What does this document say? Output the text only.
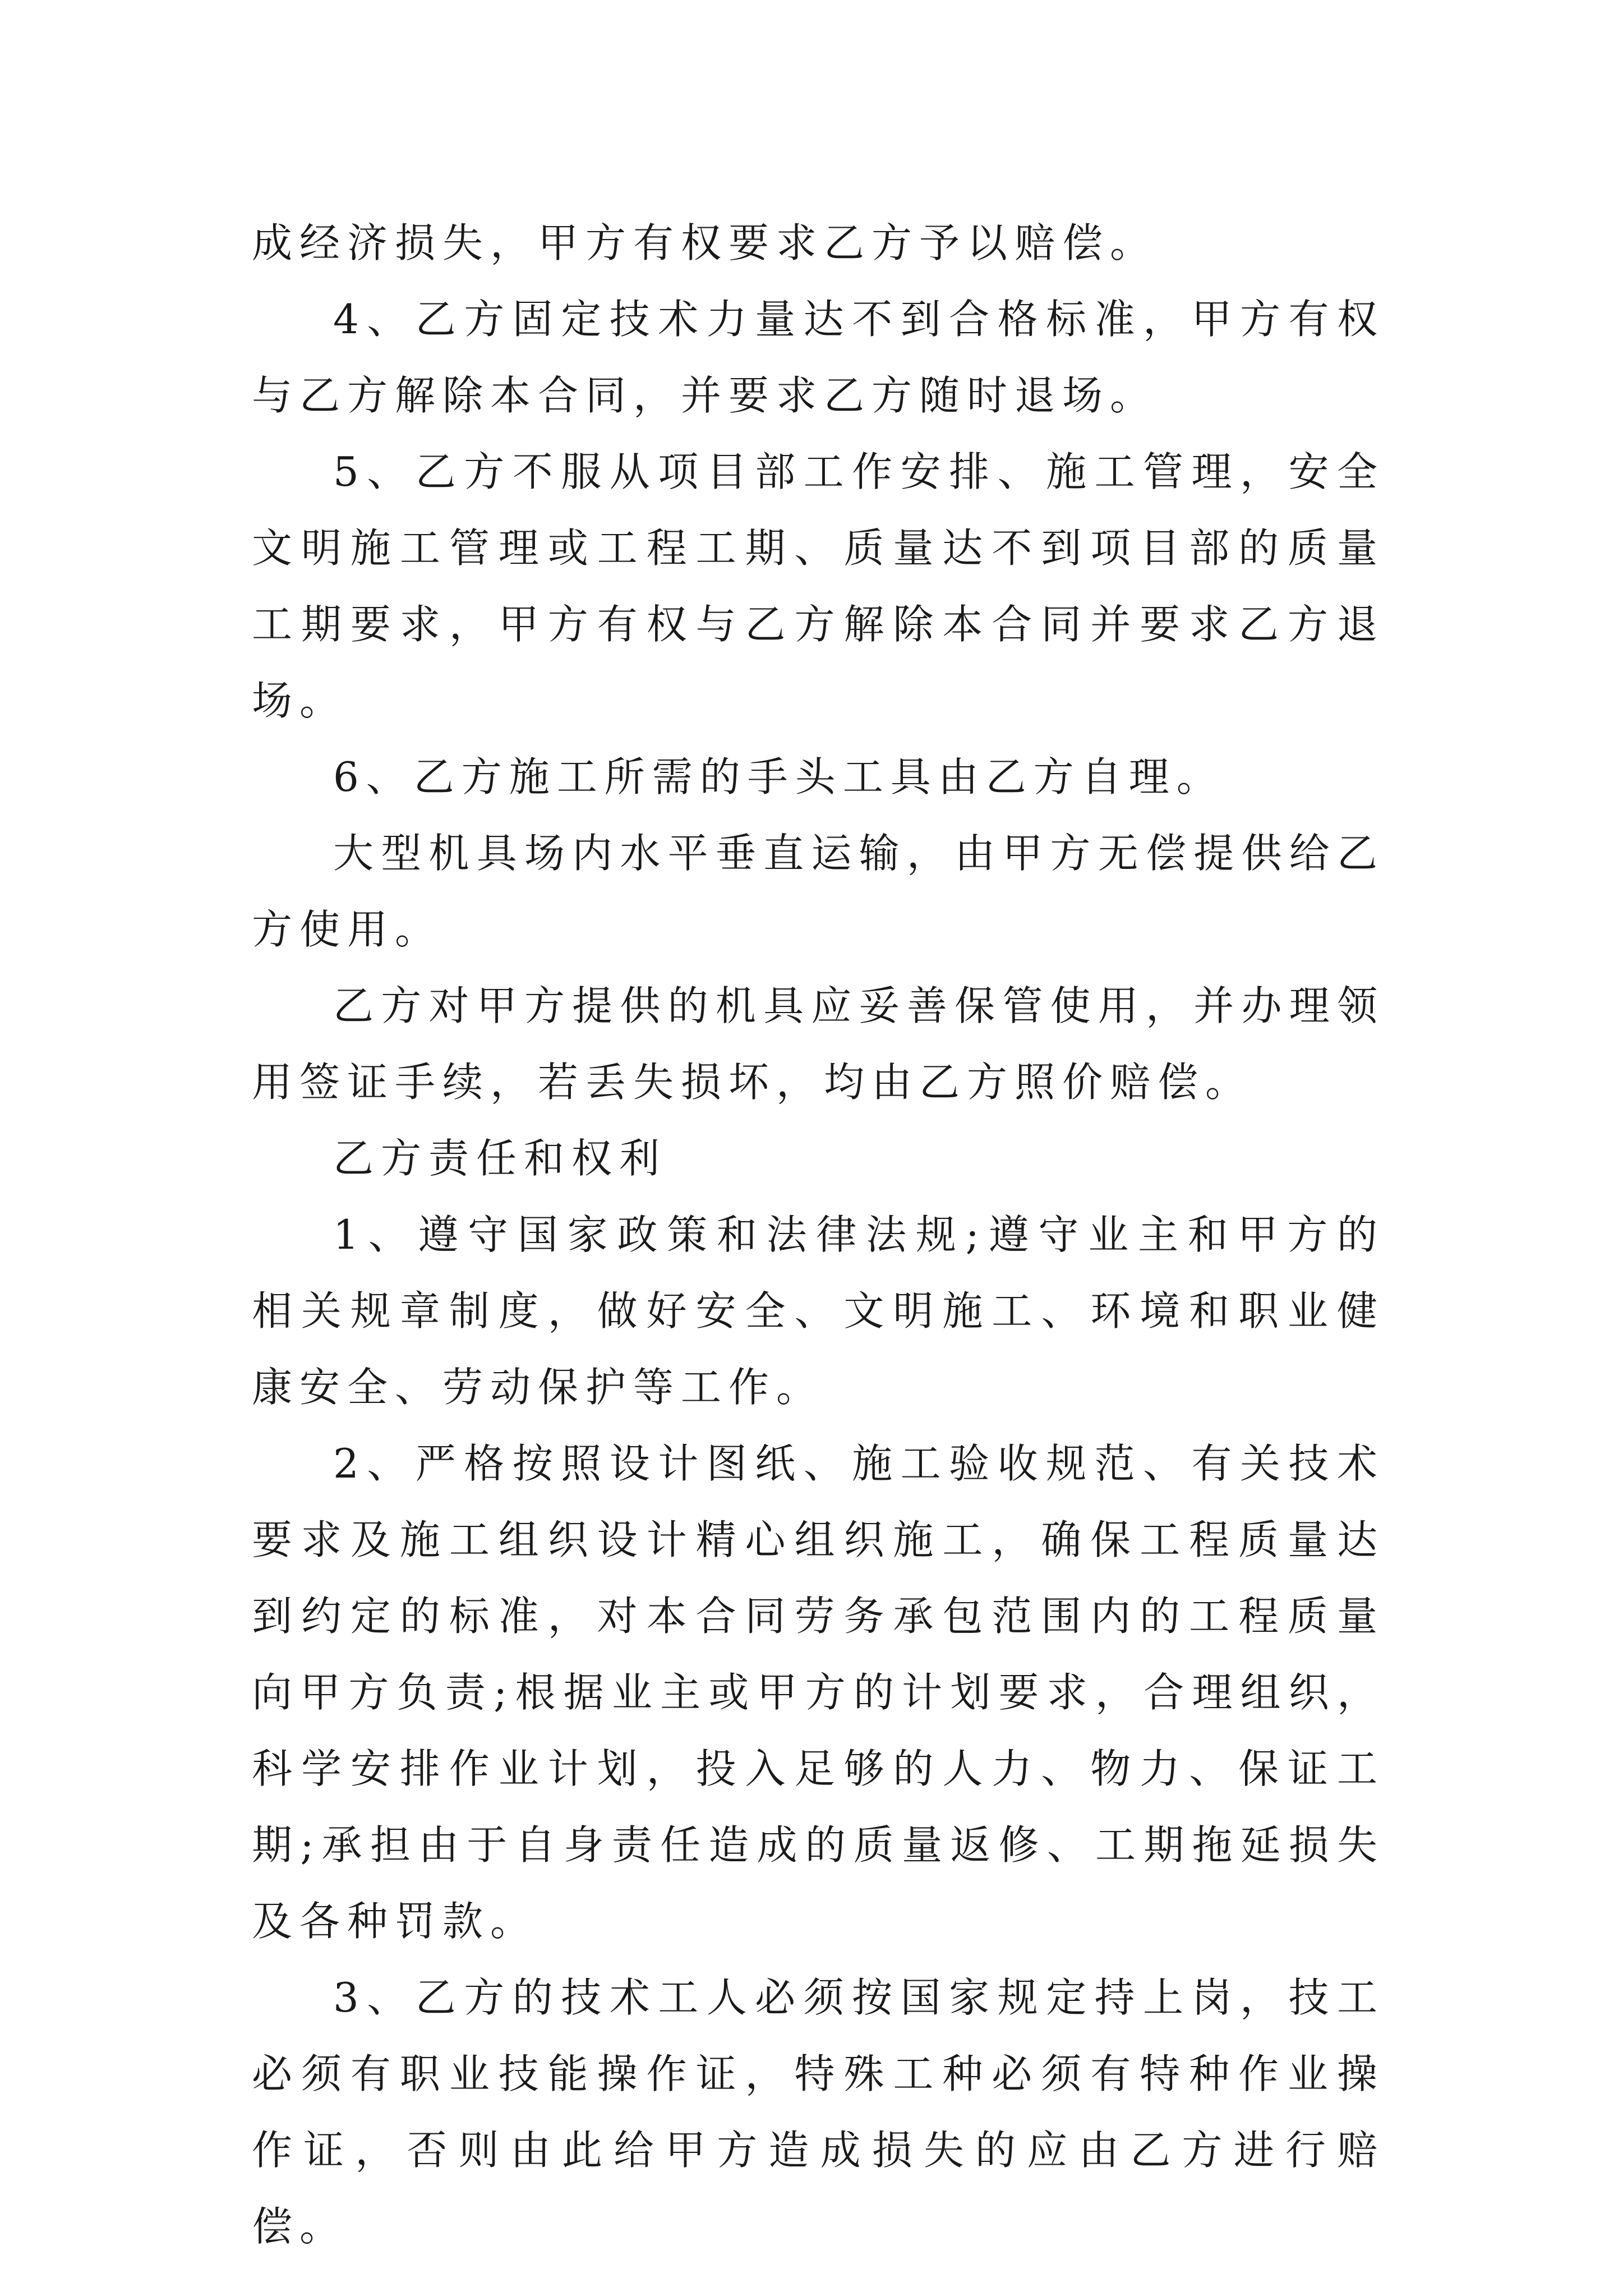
成经济损失，甲方有权要求乙方予以赔偿。

4、乙方固定技术力量达不到合格标准，甲方有权与乙方解除本合同，并要求乙方随时退场。

5、乙方不服从项目部工作安排、施工管理，安全文明施工管理或工程工期、质量达不到项目部的质量工期要求，甲方有权与乙方解除本合同并要求乙方退场。

6、乙方施工所需的手头工具由乙方自理。

大型机具场内水平垂直运输，由甲方无偿提供给乙方使用。

乙方对甲方提供的机具应妥善保管使用，并办理领用签证手续，若丢失损坏，均由乙方照价赔偿。

乙方责任和权利

1、遵守国家政策和法律法规;遵守业主和甲方的相关规章制度，做好安全、文明施工、环境和职业健康安全、劳动保护等工作。

2、严格按照设计图纸、施工验收规范、有关技术要求及施工组织设计精心组织施工，确保工程质量达到约定的标准，对本合同劳务承包范围内的工程质量向甲方负责;根据业主或甲方的计划要求，合理组织，科学安排作业计划，投入足够的人力、物力、保证工期;承担由于自身责任造成的质量返修、工期拖延损失及各种罚款。

3、乙方的技术工人必须按国家规定持上岗，技工必须有职业技能操作证，特殊工种必须有特种作业操作证，否则由此给甲方造成损失的应由乙方进行赔偿。
